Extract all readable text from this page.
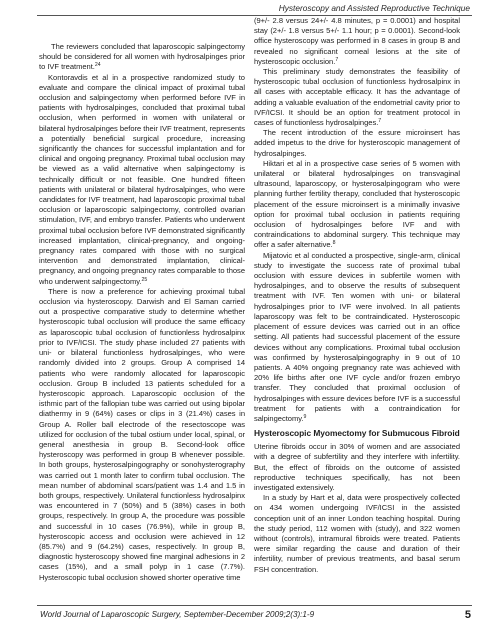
Hysteroscopy and Assisted Reproductive Technique

The reviewers concluded that laparoscopic salpingectomy should be considered for all women with hydrosalpinges prior to IVF treatment.$^{24}$

Kontoravdis et al in a prospective randomized study to evaluate and compare the clinical impact of proximal tubal occlusion and salpingectomy when performed before IVF in patients with hydrosalpinges, concluded that proximal tubal occlusion, when performed in women with unilateral or bilateral hydrosalpinges before their IVF treatment, represents a potentially beneficial surgical procedure, increasing significantly the chances for successful implantation and for clinical and ongoing pregnancy. Proximal tubal occlusion may be viewed as a valid alternative when salpingectomy is technically difficult or not feasible. One hundred fifteen patients with unilateral or bilateral hydrosalpinges, who were candidates for IVF treatment, had laparoscopic proximal tubal occlusion or laparoscopic salpingectomy, controlled ovarian stimulation, IVF, and embryo transfer. Patients who underwent proximal tubal occlusion before IVF demonstrated significantly increased implantation, clinical-pregnancy, and ongoing-pregnancy rates compared with those with no surgical intervention and demonstrated implantation, clinical-pregnancy, and ongoing pregnancy rates comparable to those who underwent salpingectomy.$^{25}$

There is now a preference for achieving proximal tubal occlusion via hysteroscopy. Darwish and El Saman carried out a prospective comparative study to determine whether hysteroscopic tubal occlusion will produce the same efficacy as laparoscopic tubal occlusion of functionless hydrosalpinx prior to IVF/ICSI. The study phase included 27 patients with uni- or bilateral functionless hydrosalpinges, who were randomly divided into 2 groups. Group A comprised 14 patients who were randomly allocated for laparoscopic occlusion. Group B included 13 patients scheduled for a hysteroscopic approach. Laparoscopic occlusion of the isthmic part of the fallopian tube was carried out using bipolar diathermy in 9 (64%) cases or clips in 3 (21.4%) cases in Group A. Roller ball electrode of the resectoscope was utilized for occlusion of the tubal ostium under local, spinal, or general anesthesia in group B. Second-look office hysteroscopy was performed in group B whenever possible. In both groups, hysterosalpingography or sonohysterography was carried out 1 month later to confirm tubal occlusion. The mean number of abdominal scars/patient was 1.4 and 1.5 in both groups, respectively. Unilateral functionless hydrosalpinx was encountered in 7 (50%) and 5 (38%) cases in both groups, respectively. In group A, the procedure was possible and successful in 10 cases (76.9%), while in group B, hysteroscopic access and occlusion were achieved in 12 (85.7%) and 9 (64.2%) cases, respectively. In group B, diagnostic hysteroscopy showed fine marginal adhesions in 2 cases (15%), and a small polyp in 1 case (7.7%). Hysteroscopic tubal occlusion showed shorter operative time

(9+/- 2.8 versus 24+/- 4.8 minutes, p = 0.0001) and hospital stay (2+/- 1.8 versus 5+/- 1.1 hour; p = 0.0001). Second-look office hysteroscopy was performed in 8 cases in group B and revealed no significant corneal lesions at the site of hysteroscopic occlusion.$^7$

This preliminary study demonstrates the feasibility of hysteroscopic tubal occlusion of functionless hydrosalpinx in all cases with acceptable efficacy. It has the advantage of adding a valuable evaluation of the endometrial cavity prior to IVF/ICSI. It should be an option for treatment protocol in cases of functionless hydrosalpinges.$^7$

The recent introduction of the essure microinsert has added impetus to the drive for hysteroscopic management of hydrosalpinges.

Hiktari et al in a prospective case series of 5 women with unilateral or bilateral hydrosalpinges on transvaginal ultrasound, laparoscopy, or hysterosalpingogram who were planning further fertility therapy, concluded that hysteroscopic placement of the essure microinsert is a minimally invasive option for proximal tubal occlusion in patients requiring occlusion of hydrosalpinges before IVF and with contraindications to abdominal surgery. This technique may offer a safer alternative.$^8$

Mijatovic et al conducted a prospective, single-arm, clinical study to investigate the success rate of proximal tubal occlusion with essure devices in subfertile women with hydrosalpinges, and to observe the results of subsequent treatment with IVF. Ten women with uni- or bilateral hydrosalpinges prior to IVF were involved. In all patients laparoscopy was felt to be contraindicated. Hysteroscopic placement of essure devices was carried out in an office setting. All patients had successful placement of the essure devices without any complications. Proximal tubal occlusion was confirmed by hysterosalpingography in 9 out of 10 patients. A 40% ongoing pregnancy rate was achieved with 20% life births after one IVF cycle and/or frozen embryo transfer. They concluded that proximal occlusion of hydrosalpinges with essure devices before IVF is a successful treatment for patients with a contraindication for salpingectomy.$^9$

Hysteroscopic Myomectomy for Submucous Fibroid

Uterine fibroids occur in 30% of women and are associated with a degree of subfertility and they interfere with infertility. But, the effect of fibroids on the outcome of assisted reproductive techniques specifically, has not been investigated extensively.

In a study by Hart et al, data were prospectively collected on 434 women undergoing IVF/ICSI in the assisted conception unit of an inner London teaching hospital. During the study period, 112 women with (study), and 322 women without (controls), intramural fibroids were treated. Patients were similar regarding the cause and duration of their infertility, number of previous treatments, and basal serum FSH concentration.

World Journal of Laparoscopic Surgery, September-December 2009;2(3):1-9	5
